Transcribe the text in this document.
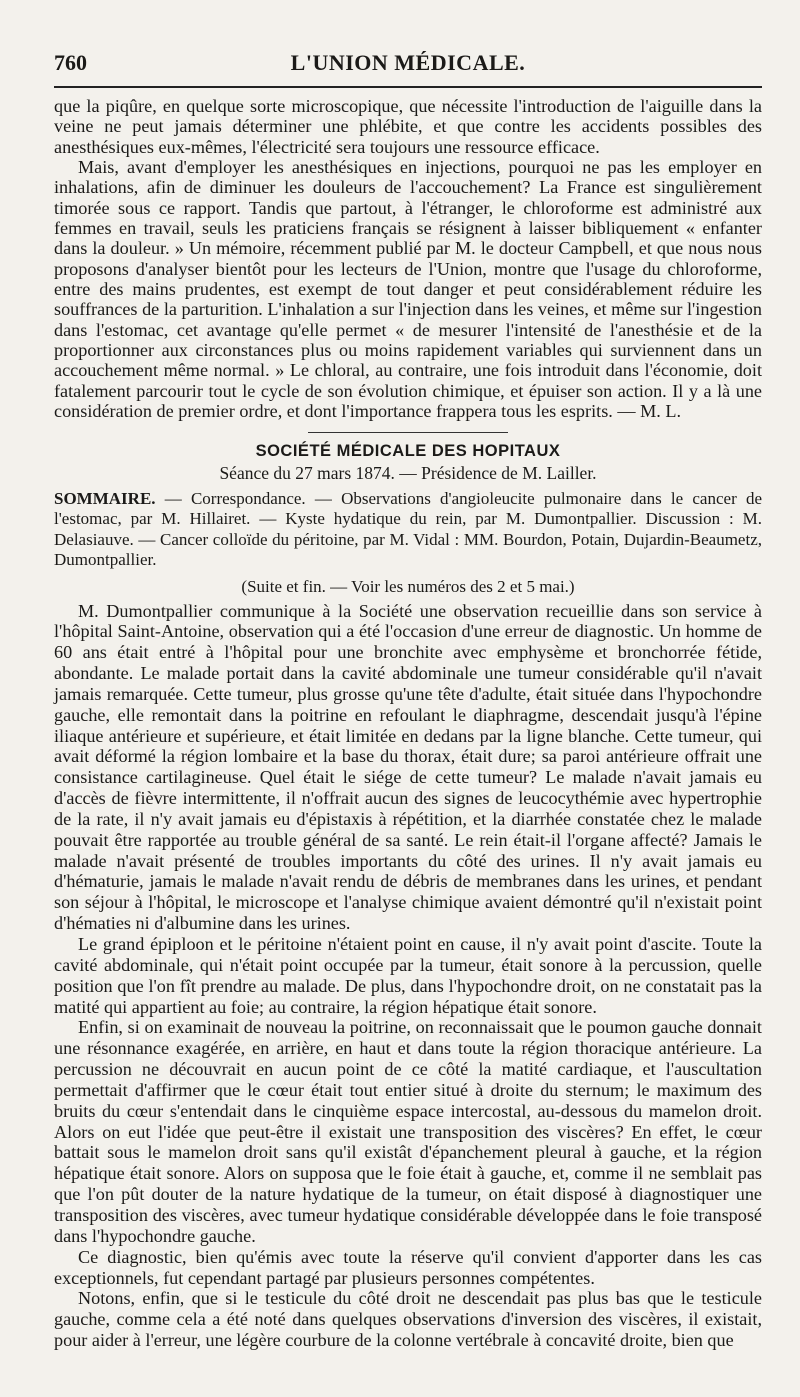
760	L'UNION MÉDICALE.

que la piqûre, en quelque sorte microscopique, que nécessite l'introduction de l'aiguille dans la veine ne peut jamais déterminer une phlébite, et que contre les accidents possibles des anesthésiques eux-mêmes, l'électricité sera toujours une ressource efficace.

Mais, avant d'employer les anesthésiques en injections, pourquoi ne pas les employer en inhalations, afin de diminuer les douleurs de l'accouchement? La France est singulièrement timorée sous ce rapport. Tandis que partout, à l'étranger, le chloroforme est administré aux femmes en travail, seuls les praticiens français se résignent à laisser bibliquement « enfanter dans la douleur. » Un mémoire, récemment publié par M. le docteur Campbell, et que nous nous proposons d'analyser bientôt pour les lecteurs de l'Union, montre que l'usage du chloroforme, entre des mains prudentes, est exempt de tout danger et peut considérablement réduire les souffrances de la parturition. L'inhalation a sur l'injection dans les veines, et même sur l'ingestion dans l'estomac, cet avantage qu'elle permet « de mesurer l'intensité de l'anesthésie et de la proportionner aux circonstances plus ou moins rapidement variables qui surviennent dans un accouchement même normal. » Le chloral, au contraire, une fois introduit dans l'économie, doit fatalement parcourir tout le cycle de son évolution chimique, et épuiser son action. Il y a là une considération de premier ordre, et dont l'importance frappera tous les esprits. — M. L.

SOCIÉTÉ MÉDICALE DES HOPITAUX
Séance du 27 mars 1874. — Présidence de M. Lailler.

SOMMAIRE. — Correspondance. — Observations d'angioleucite pulmonaire dans le cancer de l'estomac, par M. Hillairet. — Kyste hydatique du rein, par M. Dumontpallier. Discussion : M. Delasiauve. — Cancer colloïde du péritoine, par M. Vidal : MM. Bourdon, Potain, Dujardin-Beaumetz, Dumontpallier.

(Suite et fin. — Voir les numéros des 2 et 5 mai.)

M. Dumontpallier communique à la Société une observation recueillie dans son service à l'hôpital Saint-Antoine, observation qui a été l'occasion d'une erreur de diagnostic. Un homme de 60 ans était entré à l'hôpital pour une bronchite avec emphysème et bronchorrée fétide, abondante. Le malade portait dans la cavité abdominale une tumeur considérable qu'il n'avait jamais remarquée. Cette tumeur, plus grosse qu'une tête d'adulte, était située dans l'hypochondre gauche, elle remontait dans la poitrine en refoulant le diaphragme, descendait jusqu'à l'épine iliaque antérieure et supérieure, et était limitée en dedans par la ligne blanche. Cette tumeur, qui avait déformé la région lombaire et la base du thorax, était dure; sa paroi antérieure offrait une consistance cartilagineuse. Quel était le siége de cette tumeur? Le malade n'avait jamais eu d'accès de fièvre intermittente, il n'offrait aucun des signes de leucocythémie avec hypertrophie de la rate, il n'y avait jamais eu d'épistaxis à répétition, et la diarrhée constatée chez le malade pouvait être rapportée au trouble général de sa santé. Le rein était-il l'organe affecté? Jamais le malade n'avait présenté de troubles importants du côté des urines. Il n'y avait jamais eu d'hématurie, jamais le malade n'avait rendu de débris de membranes dans les urines, et pendant son séjour à l'hôpital, le microscope et l'analyse chimique avaient démontré qu'il n'existait point d'hématies ni d'albumine dans les urines.

Le grand épiploon et le péritoine n'étaient point en cause, il n'y avait point d'ascite. Toute la cavité abdominale, qui n'était point occupée par la tumeur, était sonore à la percussion, quelle position que l'on fît prendre au malade. De plus, dans l'hypochondre droit, on ne constatait pas la matité qui appartient au foie; au contraire, la région hépatique était sonore.

Enfin, si on examinait de nouveau la poitrine, on reconnaissait que le poumon gauche donnait une résonnance exagérée, en arrière, en haut et dans toute la région thoracique antérieure. La percussion ne découvrait en aucun point de ce côté la matité cardiaque, et l'auscultation permettait d'affirmer que le cœur était tout entier situé à droite du sternum; le maximum des bruits du cœur s'entendait dans le cinquième espace intercostal, au-dessous du mamelon droit. Alors on eut l'idée que peut-être il existait une transposition des viscères? En effet, le cœur battait sous le mamelon droit sans qu'il existât d'épanchement pleural à gauche, et la région hépatique était sonore. Alors on supposa que le foie était à gauche, et, comme il ne semblait pas que l'on pût douter de la nature hydatique de la tumeur, on était disposé à diagnostiquer une transposition des viscères, avec tumeur hydatique considérable développée dans le foie transposé dans l'hypochondre gauche.

Ce diagnostic, bien qu'émis avec toute la réserve qu'il convient d'apporter dans les cas exceptionnels, fut cependant partagé par plusieurs personnes compétentes.

Notons, enfin, que si le testicule du côté droit ne descendait pas plus bas que le testicule gauche, comme cela a été noté dans quelques observations d'inversion des viscères, il existait, pour aider à l'erreur, une légère courbure de la colonne vertébrale à concavité droite, bien que
